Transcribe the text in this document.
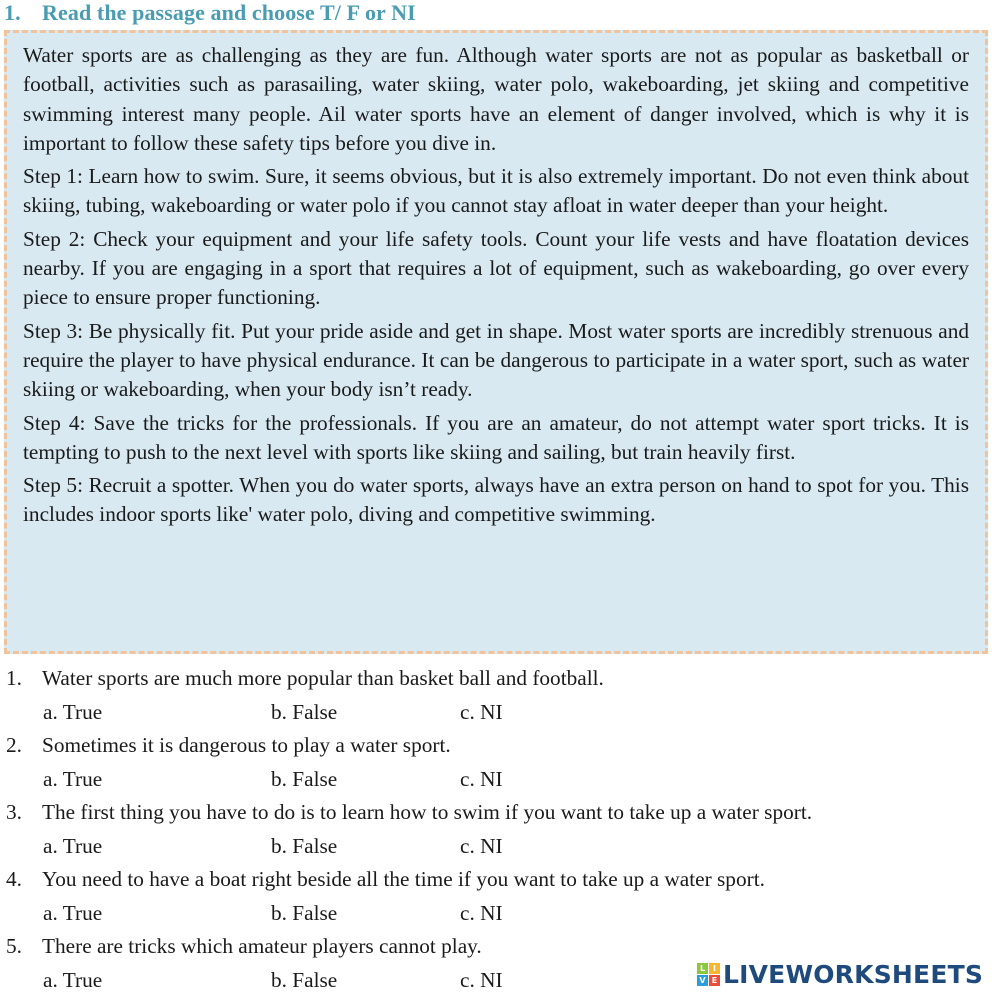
1. Read the passage and choose T/ F or NI

Water sports are as challenging as they are fun. Although water sports are not as popular as basketball or football, activities such as parasailing, water skiing, water polo, wakeboarding, jet skiing and competitive swimming interest many people. Ail water sports have an element of danger involved, which is why it is important to follow these safety tips before you dive in.

Step 1: Learn how to swim. Sure, it seems obvious, but it is also extremely important. Do not even think about skiing, tubing, wakeboarding or water polo if you cannot stay afloat in water deeper than your height.

Step 2: Check your equipment and your life safety tools. Count your life vests and have floatation devices nearby. If you are engaging in a sport that requires a lot of equipment, such as wakeboarding, go over every piece to ensure proper functioning.

Step 3: Be physically fit. Put your pride aside and get in shape. Most water sports are incredibly strenuous and require the player to have physical endurance. It can be dangerous to participate in a water sport, such as water skiing or wakeboarding, when your body isn’t ready.

Step 4: Save the tricks for the professionals. If you are an amateur, do not attempt water sport tricks. It is tempting to push to the next level with sports like skiing and sailing, but train heavily first.

Step 5: Recruit a spotter. When you do water sports, always have an extra person on hand to spot for you. This includes indoor sports like' water polo, diving and competitive swimming.

1. Water sports are much more popular than basket ball and football.
a. True	b. False	c. NI
2. Sometimes it is dangerous to play a water sport.
a. True	b. False	c. NI
3. The first thing you have to do is to learn how to swim if you want to take up a water sport.
a. True	b. False	c. NI
4. You need to have a boat right beside all the time if you want to take up a water sport.
a. True	b. False	c. NI
5. There are tricks which amateur players cannot play.
a. True	b. False	c. NI	L I
V E LIVEWORKSHEETS
